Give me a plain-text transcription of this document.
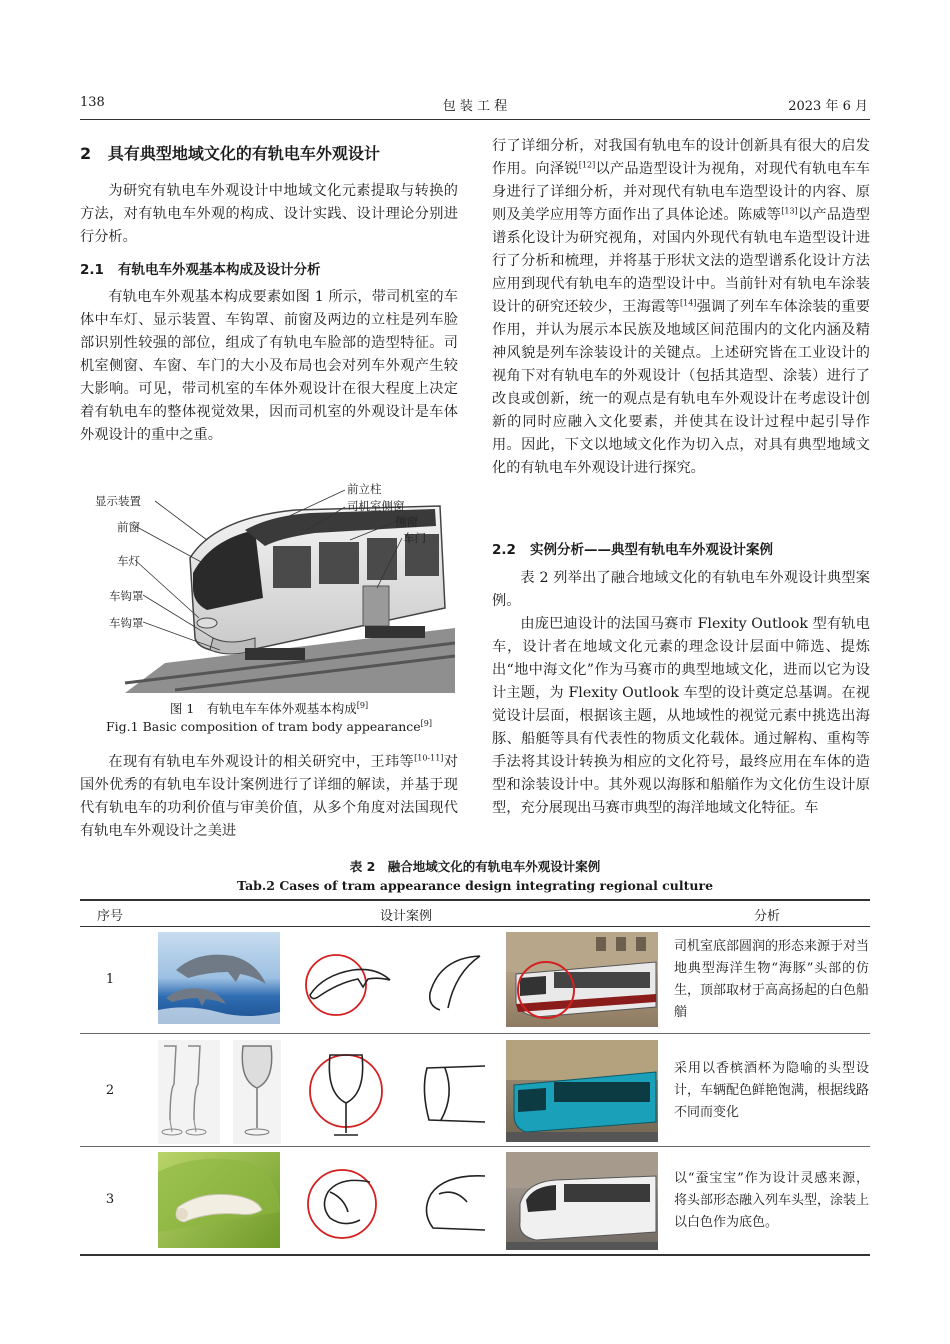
138	包 装 工 程	2023 年 6 月
2 具有典型地域文化的有轨电车外观设计

为研究有轨电车外观设计中地域文化元素提取与转换的方法，对有轨电车外观的构成、设计实践、设计理论分别进行分析。

2.1 有轨电车外观基本构成及设计分析

有轨电车外观基本构成要素如图 1 所示，带司机室的车体中车灯、显示装置、车钩罩、前窗及两边的立柱是列车脸部识别性较强的部位，组成了有轨电车脸部的造型特征。司机室侧窗、车窗、车门的大小及布局也会对列车外观产生较大影响。可见，带司机室的车体外观设计在很大程度上决定着有轨电车的整体视觉效果，因而司机室的外观设计是车体外观设计的重中之重。

显示装置
前窗
车灯
车钩罩
车钩罩
前立柱
司机室侧窗
侧窗
车门
图 1　有轨电车车体外观基本构成[9]
Fig.1 Basic composition of tram body appearance[9]

在现有有轨电车外观设计的相关研究中，王玮等[10-11]对国外优秀的有轨电车设计案例进行了详细的解读，并基于现代有轨电车的功利价值与审美价值，从多个角度对法国现代有轨电车外观设计之美进

行了详细分析，对我国有轨电车的设计创新具有很大的启发作用。向泽锐[12]以产品造型设计为视角，对现代有轨电车车身进行了详细分析，并对现代有轨电车造型设计的内容、原则及美学应用等方面作出了具体论述。陈威等[13]以产品造型谱系化设计为研究视角，对国内外现代有轨电车造型设计进行了分析和梳理，并将基于形状文法的造型谱系化设计方法应用到现代有轨电车的造型设计中。当前针对有轨电车涂装设计的研究还较少，王海霞等[14]强调了列车车体涂装的重要作用，并认为展示本民族及地域区间范围内的文化内涵及精神风貌是列车涂装设计的关键点。上述研究皆在工业设计的视角下对有轨电车的外观设计（包括其造型、涂装）进行了改良或创新，统一的观点是有轨电车外观设计在考虑设计创新的同时应融入文化要素，并使其在设计过程中起引导作用。因此，下文以地域文化作为切入点，对具有典型地域文化的有轨电车外观设计进行探究。

2.2 实例分析——典型有轨电车外观设计案例

表 2 列举出了融合地域文化的有轨电车外观设计典型案例。

由庞巴迪设计的法国马赛市 Flexity Outlook 型有轨电车，设计者在地域文化元素的理念设计层面中筛选、提炼出“地中海文化”作为马赛市的典型地域文化，进而以它为设计主题，为 Flexity Outlook 车型的设计奠定总基调。在视觉设计层面，根据该主题，从地域性的视觉元素中挑选出海豚、船艇等具有代表性的物质文化载体。通过解构、重构等手法将其设计转换为相应的文化符号，最终应用在车体的造型和涂装设计中。其外观以海豚和船艏作为文化仿生设计原型，充分展现出马赛市典型的海洋地域文化特征。车

表 2　融合地域文化的有轨电车外观设计案例
Tab.2 Cases of tram appearance design integrating regional culture
序号	设计案例	分析
1
司机室底部圆润的形态来源于对当地典型海洋生物“海豚”头部的仿生，顶部取材于高高扬起的白色船艏
2
采用以香槟酒杯为隐喻的头型设计，车辆配色鲜艳饱满，根据线路不同而变化
3
以“蚕宝宝”作为设计灵感来源，将头部形态融入列车头型，涂装上以白色作为底色。
